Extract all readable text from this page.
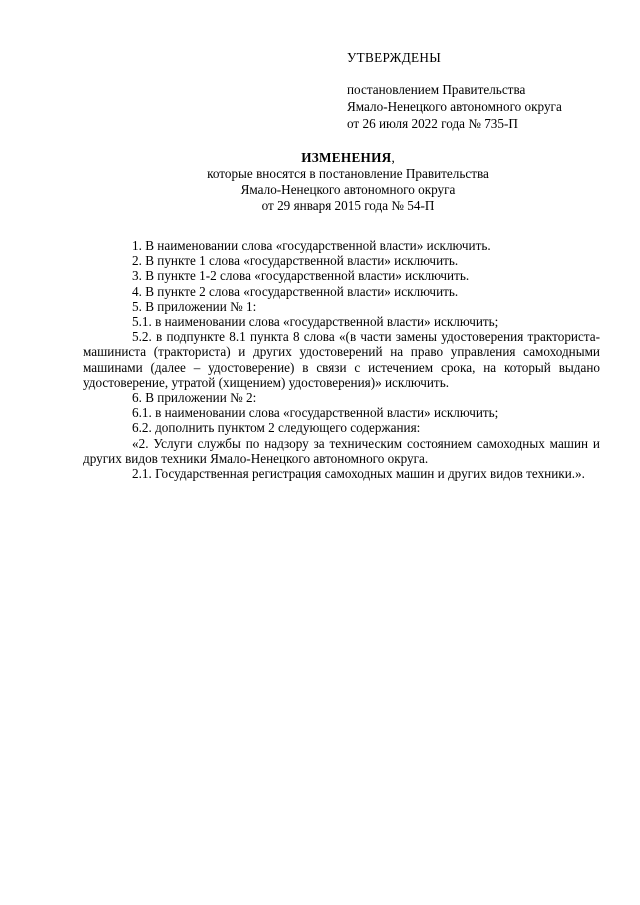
УТВЕРЖДЕНЫ
постановлением Правительства
Ямало-Ненецкого автономного округа
от 26 июля 2022 года № 735-П
ИЗМЕНЕНИЯ,
которые вносятся в постановление Правительства
Ямало-Ненецкого автономного округа
от 29 января 2015 года № 54-П

1. В наименовании слова «государственной власти» исключить.

2. В пункте 1 слова «государственной власти» исключить.

3. В пункте 1-2 слова «государственной власти» исключить.

4. В пункте 2 слова «государственной власти» исключить.

5. В приложении № 1:

5.1. в наименовании слова «государственной власти» исключить;

5.2. в подпункте 8.1 пункта 8 слова «(в части замены удостоверения тракториста-машиниста (тракториста) и других удостоверений на право управления самоходными машинами (далее – удостоверение) в связи с истечением срока, на который выдано удостоверение, утратой (хищением) удостоверения)» исключить.

6. В приложении № 2:

6.1. в наименовании слова «государственной власти» исключить;

6.2. дополнить пунктом 2 следующего содержания:

«2. Услуги службы по надзору за техническим состоянием самоходных машин и других видов техники Ямало-Ненецкого автономного округа.

2.1. Государственная регистрация самоходных машин и других видов техники.».
